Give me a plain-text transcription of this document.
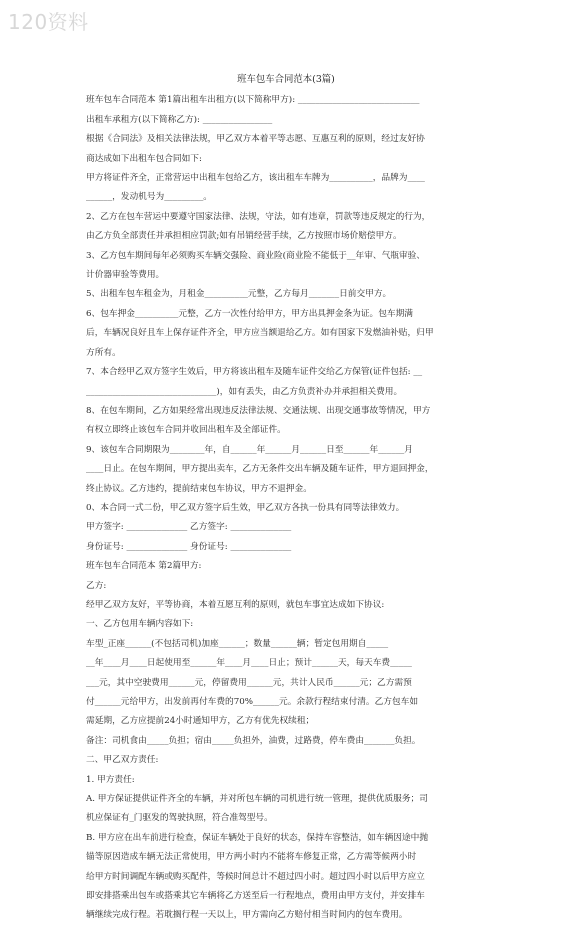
120资料
班车包车合同范本(3篇)
班车包车合同范本 第1篇出租车出租方(以下简称甲方): ____________________________
出租车承租方(以下简称乙方): ________________
根据《合同法》及相关法律法规，甲乙双方本着平等志愿、互惠互利的原则，经过友好协
商达成如下出租车包合同如下:
甲方将证件齐全，正常营运中出租车包给乙方，该出租车车牌为__________，品牌为____
______，发动机号为_________。
2、乙方在包车营运中要遵守国家法律、法规，守法，如有违章，罚款等违反规定的行为，
由乙方负全部责任并承担相应罚款;如有吊销经营手续，乙方按照市场价赔偿甲方。
3、乙方包车期间每年必须购买车辆交强险、商业险(商业险不能低于__年审、气瓶审验、
计价器审验等费用。
5、出租车包车租金为，月租金__________元整，乙方每月_______日前交甲方。
6、包车押金__________元整，乙方一次性付给甲方，甲方出具押金条为证。包车期满
后，车辆况良好且车上保存证件齐全，甲方应当额退给乙方。如有国家下发燃油补贴，归甲
方所有。
7、本合经甲乙双方签字生效后，甲方将该出租车及随车证件交给乙方保管(证件包括: __
______________________________)，如有丢失，由乙方负责补办并承担相关费用。
8、在包车期间，乙方如果经常出现违反法律法规、交通法规、出现交通事故等情况，甲方
有权立即终止该包车合同并收回出租车及全部证件。
9、该包车合同期限为________年，自______年______月______日至______年______月
____日止。在包车期间，甲方提出卖车，乙方无条件交出车辆及随车证件，甲方退回押金，
终止协议。乙方违约，提前结束包车协议，甲方不退押金。
0、本合同一式二份，甲乙双方签字后生效，甲乙双方各执一份具有同等法律效力。
甲方签字: ______________ 乙方签字: ______________
身份证号: ______________ 身份证号: ______________
班车包车合同范本 第2篇甲方:
乙方:
经甲乙双方友好，平等协商，本着互愿互利的原则，就包车事宜达成如下协议:
一、乙方包用车辆内容如下:
车型_正座______(不包括司机)加座______；数量______辆；暂定包用期自_____
__年____月____日起使用至______年____月____日止；预计______天，每天车费_____
___元，其中空驶费用______元，停留费用______元，共计人民币______元；乙方需预
付______元给甲方，出发前再付车费的70%______元。余款行程结束付清。乙方包车如
需延期，乙方应提前24小时通知甲方，乙方有优先权续租；
备注：司机食由_____负担；宿由_____负担外，油费，过路费，停车费由_______负担。
二、甲乙双方责任:
1. 甲方责任:
A. 甲方保证提供证件齐全的车辆，并对所包车辆的司机进行统一管理，提供优质服务；司
机应保证有_门驱发的驾驶执照，符合准驾型号。
B. 甲方应在出车前进行检查，保证车辆处于良好的状态，保持车容整洁，如车辆因途中抛
锚等原因造成车辆无法正常使用，甲方两小时内不能将车修复正常，乙方需等候两小时
给甲方时间调配车辆或购买配件，等候时间总计不超过四小时。超过四小时以后甲方应立
即安排搭乘出包车或搭乘其它车辆将乙方送至后一行程地点，费用由甲方支付，并安排车
辆继续完成行程。若耽搁行程一天以上，甲方需向乙方赔付相当时间内的包车费用。
